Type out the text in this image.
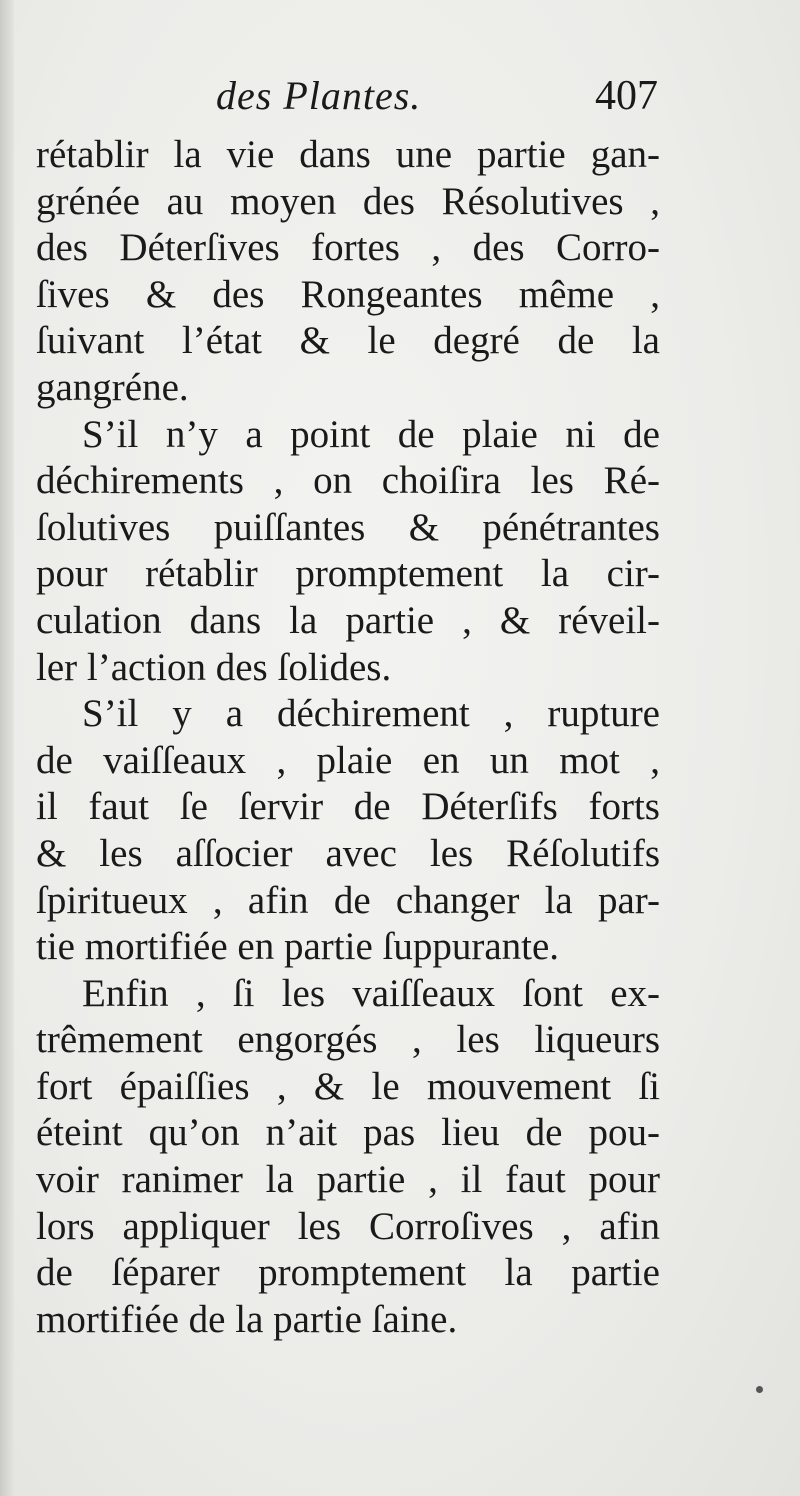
des Plantes.	407
rétablir la vie dans une partie gan-
grénée au moyen des Résolutives ,
des Déterſives fortes , des Corro-
ſives & des Rongeantes même ,
ſuivant l’état & le degré de la
gangréne.
S’il n’y a point de plaie ni de
déchirements , on choiſira les Ré-
ſolutives puiſſantes & pénétrantes
pour rétablir promptement la cir-
culation dans la partie , & réveil-
ler l’action des ſolides.
S’il y a déchirement , rupture
de vaiſſeaux , plaie en un mot ,
il faut ſe ſervir de Déterſifs forts
& les aſſocier avec les Réſolutifs
ſpiritueux , afin de changer la par-
tie mortifiée en partie ſuppurante.
Enfin , ſi les vaiſſeaux ſont ex-
trêmement engorgés , les liqueurs
fort épaiſſies , & le mouvement ſi
éteint qu’on n’ait pas lieu de pou-
voir ranimer la partie , il faut pour
lors appliquer les Corroſives , afin
de ſéparer promptement la partie
mortifiée de la partie ſaine.
